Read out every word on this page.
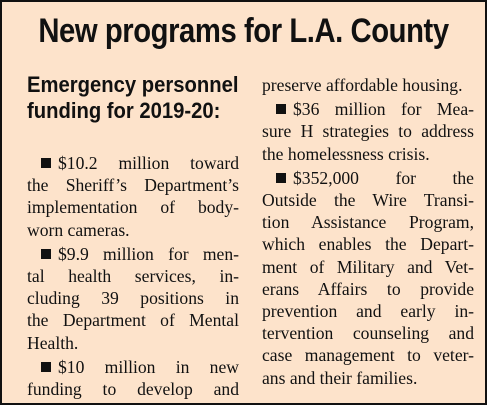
New programs for L.A. County
Emergency personnel
funding for 2019-20:
$10.2 million toward
the Sheriff’s Department’s
implementation of body-
worn cameras.
$9.9 million for men-
tal health services, in-
cluding 39 positions in
the Department of Mental
Health.
$10 million in new
funding to develop and
preserve affordable housing.
$36 million for Mea-
sure H strategies to address
the homelessness crisis.
$352,000 for the
Outside the Wire Transi-
tion Assistance Program,
which enables the Depart-
ment of Military and Vet-
erans Affairs to provide
prevention and early in-
tervention counseling and
case management to veter-
ans and their families.
